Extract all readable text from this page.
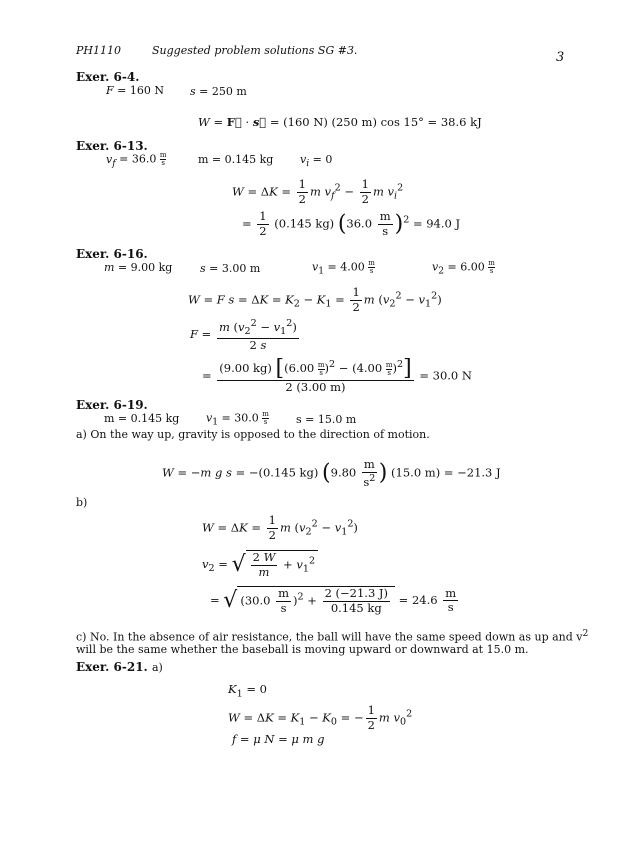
PH1110	Suggested problem solutions SG #3.	3
Exer. 6-4.
F = 160 N s = 250 m
W = F⃗ · s⃗ = (160 N) (250 m) cos 15° = 38.6 kJ
Exer. 6-13.
$v_f = 36.0 \frac{m}{s}$	m = 0.145 kg $v_i = 0$
$W = \Delta K = \frac{1}{2}$ m $v_f^2 - \frac{1}{2}$ m $v_i^2$
= $\frac{1}{2} (0.145$ kg) $(36.0 \frac{m}{s} )^2 = 94.0$ J
Exer. 6-16.
m = 9.00 kg	s = 3.00 m	$v_1 = 4.00 \frac{m}{s}$	$v_2 = 6.00 \frac{m}{s}$
W = F $s = \Delta K = K_2 - K_1 = \frac{1}{2}$ m $(v_2^2 - v_1^2)$
$F = \frac{m (v_2^2 - v_1^2)}{2 s}$
= $\frac{(9.00 kg) [(6.00 \frac{m}{s} )^2 - (4.00 \frac{m}{s} )^2]}{2 (3.00 m)} = 30.0$ N
Exer. 6-19.
m = 0.145 kg $v_1 = 30.0 \frac{m}{s}$ s = 15.0 m
a) On the way up, gravity is opposed to the direction of motion.
W = −m g s = −(0.145 kg) ($9.80 \frac{m}{s^2}$ ) (15.0 m) = −21.3 J
b)
$W = \Delta K = \frac{1}{2}$ m $(v_2^2 - v_1^2)$
$v_2$ = √ $\frac{2 W}{m} + v_1^2$
= √ $(30.0 \frac{m}{s} )^2 + \frac{2 (-21.3 J)}{0.145 kg} = 24.6 \frac{m}{s}$
c) No. In the absence of air resistance, the ball will have the same speed down as up and $v^2$
will be the same whether the baseball is moving upward or downward at 15.0 m.
Exer. 6-21. a)
$K_1 = 0$
$W = \Delta K = K_1 - K_0$ = − $\frac{1}{2}$ m $v_0^2$
f = μ N = μ m g
